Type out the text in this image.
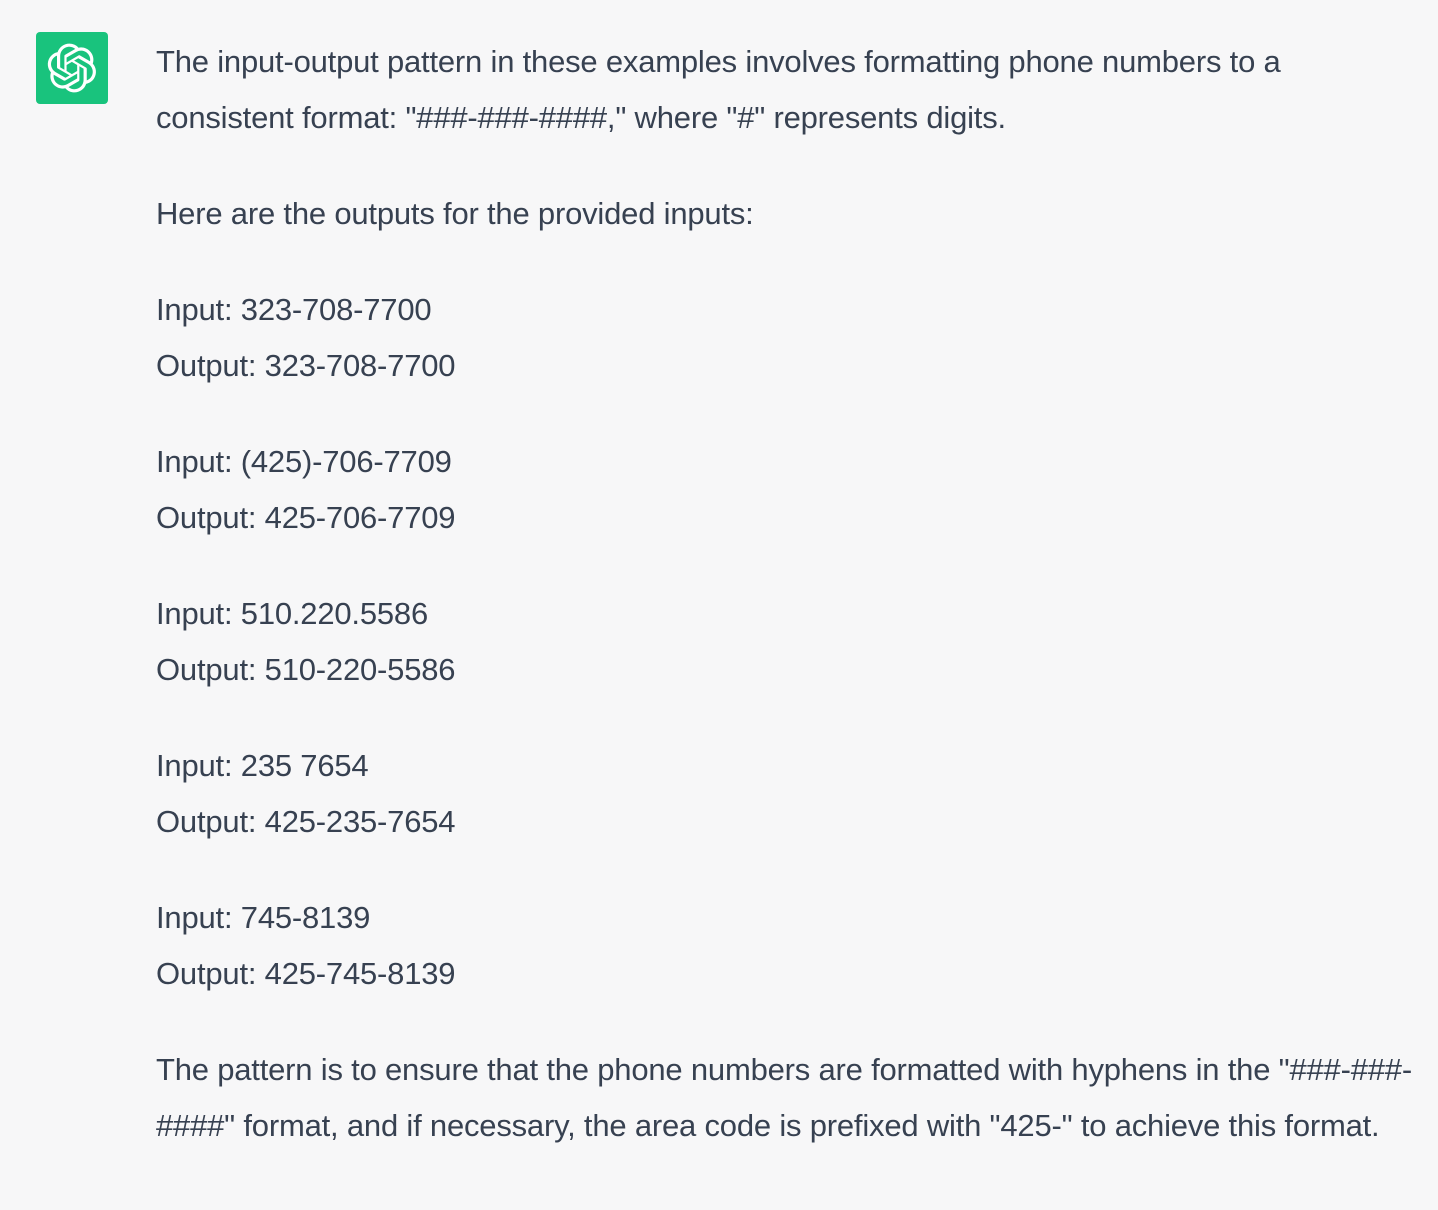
The input-output pattern in these examples involves formatting phone numbers to a consistent format: "###-###-####," where "#" represents digits.

Here are the outputs for the provided inputs:

Input: 323-708-7700

Output: 323-708-7700

Input: (425)-706-7709

Output: 425-706-7709

Input: 510.220.5586

Output: 510-220-5586

Input: 235 7654

Output: 425-235-7654

Input: 745-8139

Output: 425-745-8139

The pattern is to ensure that the phone numbers are formatted with hyphens in the "###-###-####" format, and if necessary, the area code is prefixed with "425-" to achieve this format.
